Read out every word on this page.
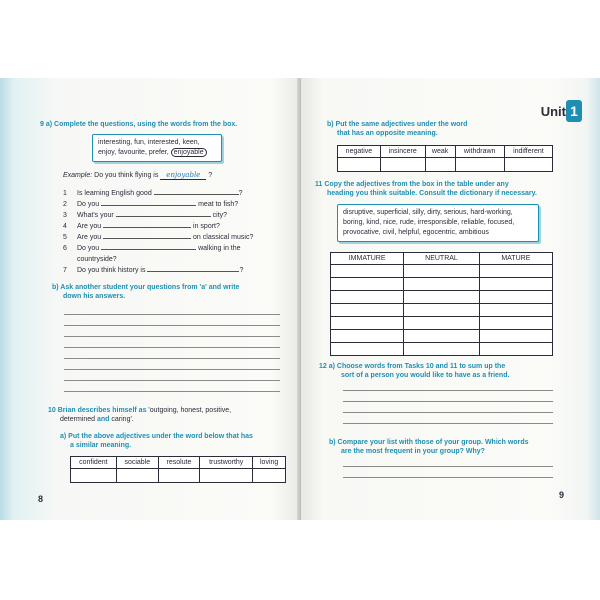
9 a) Complete the questions, using the words from the box.
interesting, fun, interested, keen,
enjoy, favourite, prefer, enjoyable
Example: Do you think flying is enjoyable ?
1	Is learning English good
	?
2	Do you

	meat to fish?
3	What's your

	city?
4	Are you

	in sport?
5	Are you

	on classical music?
6	Do you

	walking in the
countryside?
7	Do you think history is
	?
b) Ask another student your questions from 'a' and write
down his answers.
10 Brian describes himself as 'outgoing, honest, positive,
determined and caring'.
a) Put the above adjectives under the word below that has
a similar meaning.
confident	sociable	resolute	trustworthy	loving

8
Unit 1
b) Put the same adjectives under the word
that has an opposite meaning.
negative	insincere	weak	withdrawn	indifferent

11 Copy the adjectives from the box in the table under any
heading you think suitable. Consult the dictionary if necessary.
disruptive, superficial, silly, dirty, serious, hard-working,
boring, kind, nice, rude, irresponsible, reliable, focused,
provocative, civil, helpful, egocentric, ambitious
IMMATURE	NEUTRAL	MATURE

12 a) Choose words from Tasks 10 and 11 to sum up the
sort of a person you would like to have as a friend.
b) Compare your list with those of your group. Which words
are the most frequent in your group? Why?
9
